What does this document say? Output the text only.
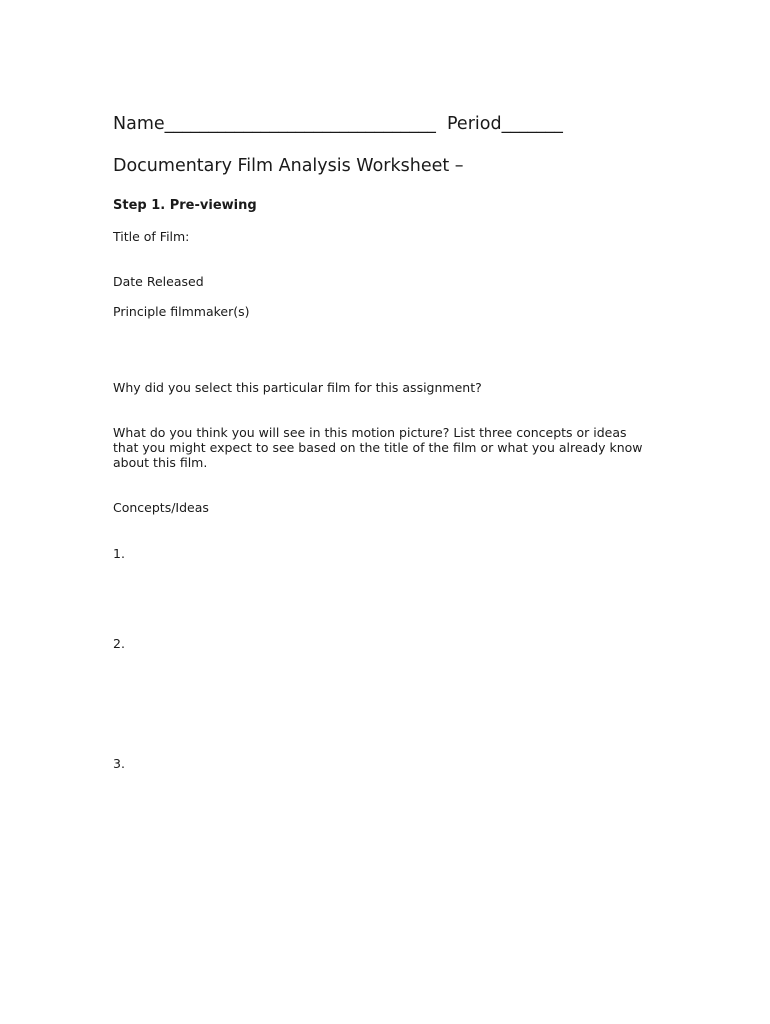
Name_______________________________  Period_______

Documentary Film Analysis Worksheet –

Step 1. Pre-viewing

Title of Film:

Date Released

Principle filmmaker(s)

Why did you select this particular film for this assignment?

What do you think you will see in this motion picture? List three concepts or ideas
that you might expect to see based on the title of the film or what you already know
about this film.

Concepts/Ideas

1.

2.

3.
